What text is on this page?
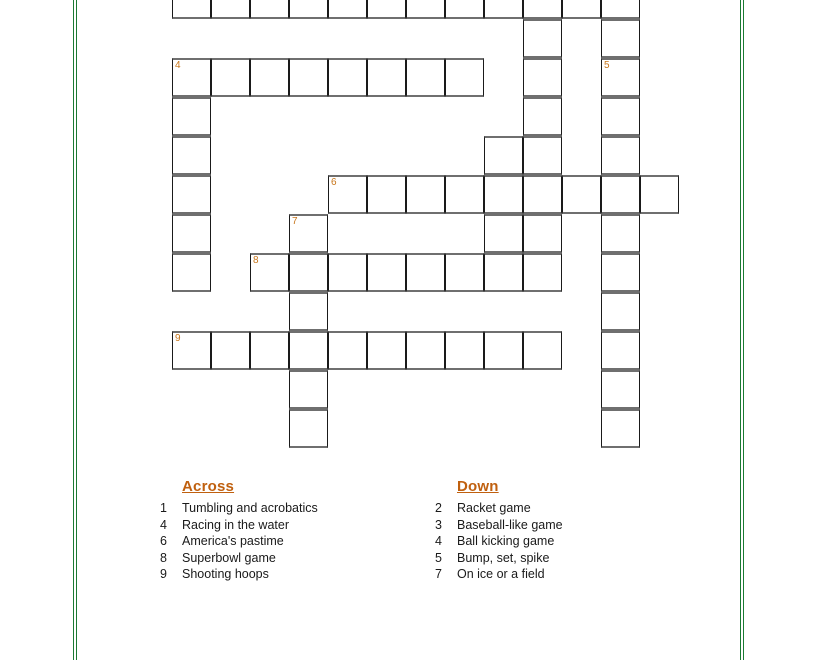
4	5
6
7
8
9
Across
1	Tumbling and acrobatics
4	Racing in the water
6	America's pastime
8	Superbowl game
9	Shooting hoops
Down
2	Racket game
3	Baseball-like game
4	Ball kicking game
5	Bump, set, spike
7	On ice or a field
